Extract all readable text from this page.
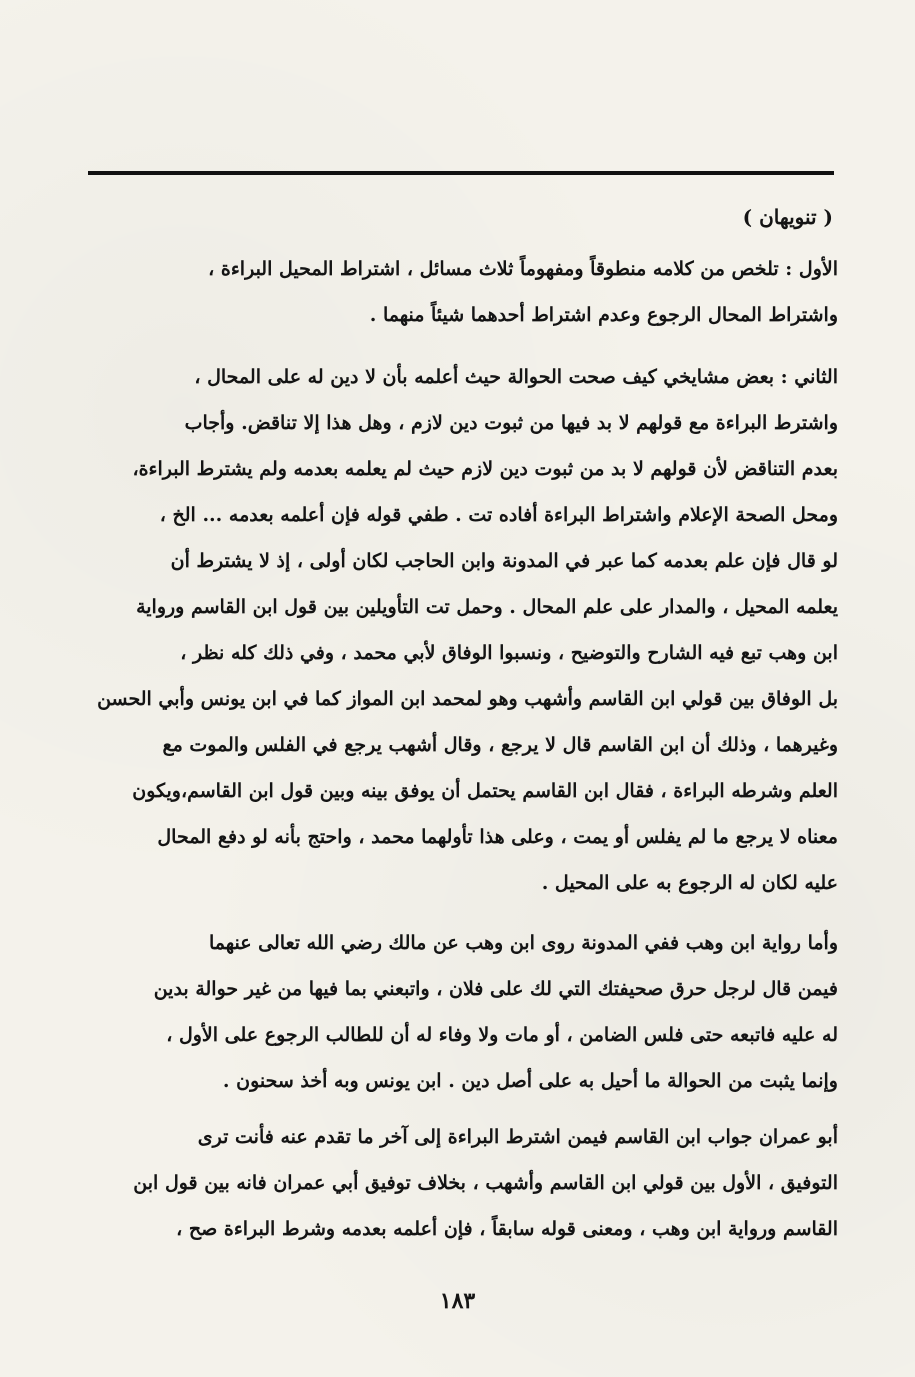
( تنويهان )
الأول : تلخص من كلامه منطوقاً ومفهوماً ثلاث مسائل ، اشتراط المحيل البراءة ،
واشتراط المحال الرجوع وعدم اشتراط أحدهما شيئاً منهما .
الثاني : بعض مشايخي كيف صحت الحوالة حيث أعلمه بأن لا دين له على المحال ،
واشترط البراءة مع قولهم لا بد فيها من ثبوت دين لازم ، وهل هذا إلا تناقض. وأجاب
بعدم التناقض لأن قولهم لا بد من ثبوت دين لازم حيث لم يعلمه بعدمه ولم يشترط البراءة،
ومحل الصحة الإعلام واشتراط البراءة أفاده تت . طفي قوله فإن أعلمه بعدمه ... الخ ،
لو قال فإن علم بعدمه كما عبر في المدونة وابن الحاجب لكان أولى ، إذ لا يشترط أن
يعلمه المحيل ، والمدار على علم المحال . وحمل تت التأويلين بين قول ابن القاسم ورواية
ابن وهب تبع فيه الشارح والتوضيح ، ونسبوا الوفاق لأبي محمد ، وفي ذلك كله نظر ،
بل الوفاق بين قولي ابن القاسم وأشهب وهو لمحمد ابن المواز كما في ابن يونس وأبي الحسن
وغيرهما ، وذلك أن ابن القاسم قال لا يرجع ، وقال أشهب يرجع في الفلس والموت مع
العلم وشرطه البراءة ، فقال ابن القاسم يحتمل أن يوفق بينه وبين قول ابن القاسم،ويكون
معناه لا يرجع ما لم يفلس أو يمت ، وعلى هذا تأولهما محمد ، واحتج بأنه لو دفع المحال
عليه لكان له الرجوع به على المحيل .
وأما رواية ابن وهب ففي المدونة روى ابن وهب عن مالك رضي الله تعالى عنهما
فيمن قال لرجل حرق صحيفتك التي لك على فلان ، واتبعني بما فيها من غير حوالة بدين
له عليه فاتبعه حتى فلس الضامن ، أو مات ولا وفاء له أن للطالب الرجوع على الأول ،
وإنما يثبت من الحوالة ما أحيل به على أصل دين . ابن يونس وبه أخذ سحنون .
أبو عمران جواب ابن القاسم فيمن اشترط البراءة إلى آخر ما تقدم عنه فأنت ترى
التوفيق ، الأول بين قولي ابن القاسم وأشهب ، بخلاف توفيق أبي عمران فانه بين قول ابن
القاسم ورواية ابن وهب ، ومعنى قوله سابقاً ، فإن أعلمه بعدمه وشرط البراءة صح ،
١٨٣
